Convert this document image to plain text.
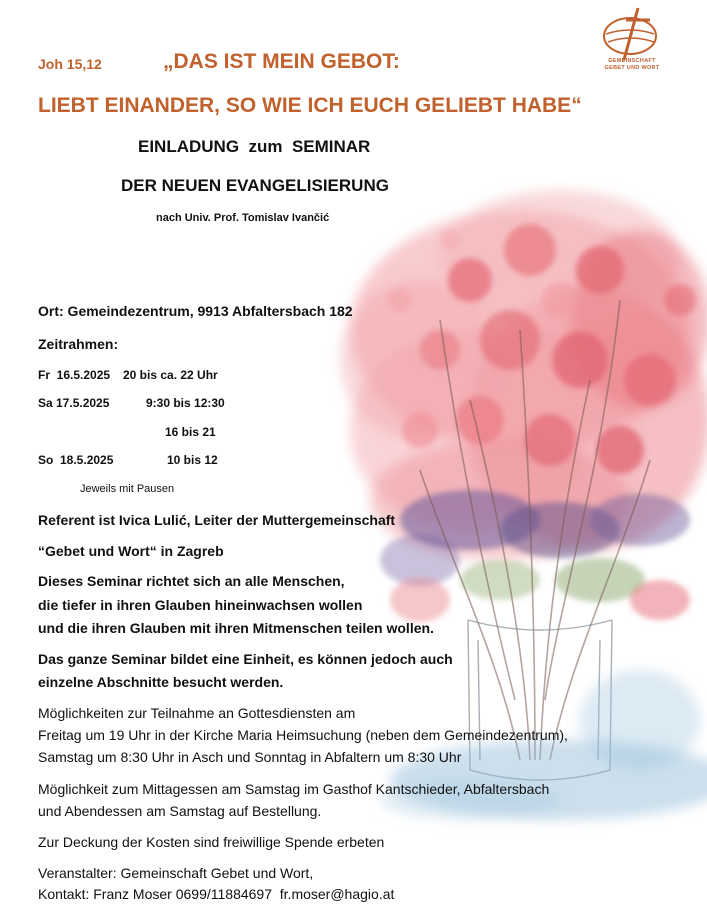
GEMEINSCHAFT
GEBET UND WORT
Joh 15,12	„DAS IST MEIN GEBOT:
LIEBT EINANDER, SO WIE ICH EUCH GELIEBT HABE“
EINLADUNG  zum  SEMINAR
DER NEUEN EVANGELISIERUNG
nach Univ. Prof. Tomislav Ivančić
Ort: Gemeindezentrum, 9913 Abfaltersbach 182
Zeitrahmen:
Fr  16.5.2025 20 bis ca. 22 Uhr
Sa 17.5.2025	9:30 bis 12:30
16 bis 21
So  18.5.2025	10 bis 12
Jeweils mit Pausen
Referent ist Ivica Lulić, Leiter der Muttergemeinschaft
“Gebet und Wort“ in Zagreb
Dieses Seminar richtet sich an alle Menschen,
die tiefer in ihren Glauben hineinwachsen wollen
und die ihren Glauben mit ihren Mitmenschen teilen wollen.
Das ganze Seminar bildet eine Einheit, es können jedoch auch
einzelne Abschnitte besucht werden.
Möglichkeiten zur Teilnahme an Gottesdiensten am
Freitag um 19 Uhr in der Kirche Maria Heimsuchung (neben dem Gemeindezentrum),
Samstag um 8:30 Uhr in Asch und Sonntag in Abfaltern um 8:30 Uhr
Möglichkeit zum Mittagessen am Samstag im Gasthof Kantschieder, Abfaltersbach
und Abendessen am Samstag auf Bestellung.
Zur Deckung der Kosten sind freiwillige Spende erbeten
Veranstalter: Gemeinschaft Gebet und Wort,
Kontakt: Franz Moser 0699/11884697  fr.moser@hagio.at
